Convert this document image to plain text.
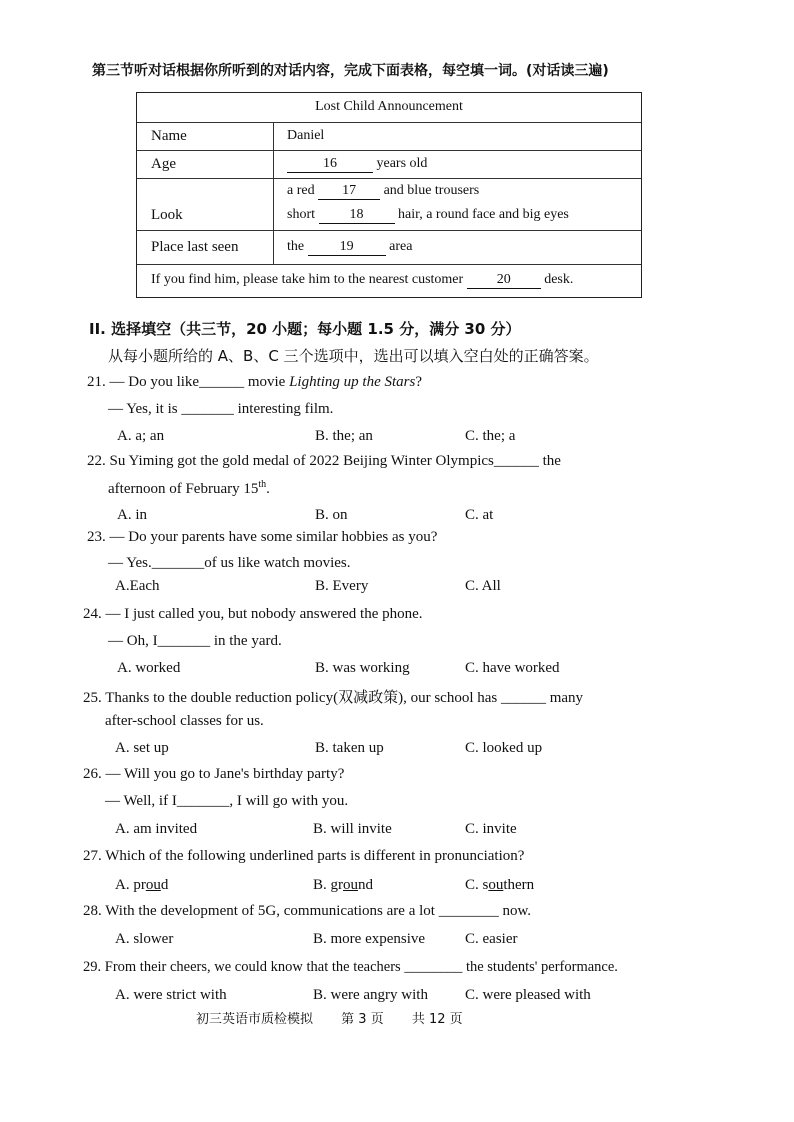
第三节听对话根据你所听到的对话内容，完成下面表格，每空填一词。(对话读三遍)
Lost Child Announcement
Name	Daniel
Age	16	years old
Look
a red 17 and blue trousers
short 18 hair, a round face and big eyes
Place last seen	the	19	area
If you find him, please take him to the nearest customer 20 desk.
II. 选择填空（共三节，20 小题；每小题 1.5 分，满分 30 分）
从每小题所给的 A、B、C 三个选项中，选出可以填入空白处的正确答案。
21. — Do you like______ movie Lighting up the Stars?
— Yes, it is _______ interesting film.
A. a; an	B. the; an	C. the; a
22. Su Yiming got the gold medal of 2022 Beijing Winter Olympics______ the
afternoon of February 15th.
A. in	B. on	C. at
23. — Do your parents have some similar hobbies as you?
— Yes._______of us like watch movies.
A.Each	B. Every	C. All
24. — I just called you, but nobody answered the phone.
— Oh, I_______ in the yard.
A. worked	B. was working	C. have worked
25. Thanks to the double reduction policy(双减政策), our school has ______ many
after-school classes for us.
A. set up	B. taken up	C. looked up
26. — Will you go to Jane's birthday party?
— Well, if I_______, I will go with you.
A. am invited	B. will invite	C. invite
27. Which of the following underlined parts is different in pronunciation?
A. proud	B. ground	C. southern
28. With the development of 5G, communications are a lot ________ now.
A. slower	B. more expensive	C. easier
29. From their cheers, we could know that the teachers ________ the students' performance.
A. were strict with	B. were angry with C. were pleased with
初三英语市质检模拟 第 3 页 共 12 页
